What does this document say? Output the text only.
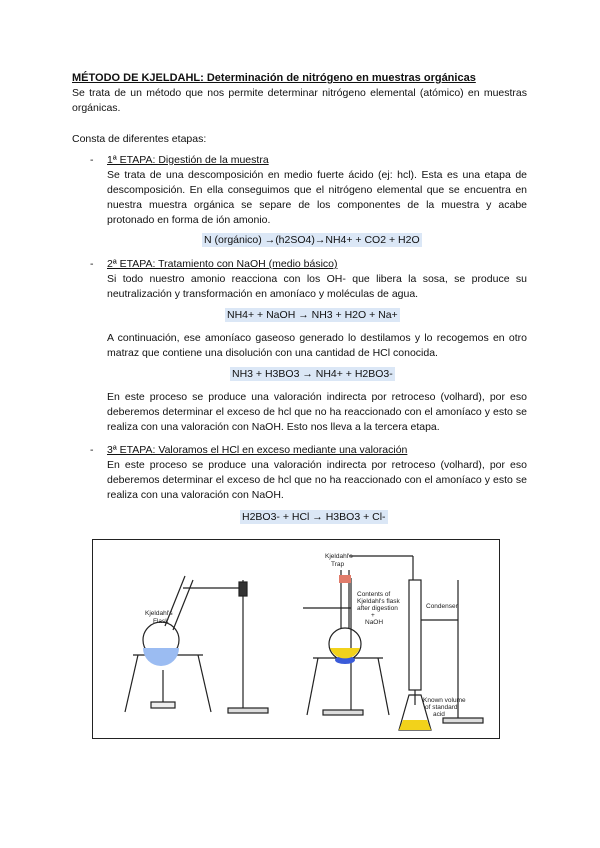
MÉTODO DE KJELDAHL: Determinación de nitrógeno en muestras orgánicas
Se trata de un método que nos permite determinar nitrógeno elemental (atómico) en muestras orgánicas.
Consta de diferentes etapas:
- 1ª ETAPA: Digestión de la muestra
Se trata de una descomposición en medio fuerte ácido (ej: hcl). Esta es una etapa de descomposición. En ella conseguimos que el nitrógeno elemental que se encuentra en nuestra muestra orgánica se separe de los componentes de la muestra y acabe protonado en forma de ión amonio.
N (orgánico) →(h2SO4)→NH4+ + CO2 + H2O
- 2ª ETAPA: Tratamiento con NaOH (medio básico)
Si todo nuestro amonio reacciona con los OH- que libera la sosa, se produce su neutralización y transformación en amoníaco y moléculas de agua.
NH4+ + NaOH → NH3 + H2O + Na+
A continuación, ese amoníaco gaseoso generado lo destilamos y lo recogemos en otro matraz que contiene una disolución con una cantidad de HCl conocida.
NH3 + H3BO3 → NH4+ + H2BO3-
En este proceso se produce una valoración indirecta por retroceso (volhard), por eso deberemos determinar el exceso de hcl que no ha reaccionado con el amoníaco y esto se realiza con una valoración con NaOH. Esto nos lleva a la tercera etapa.
- 3ª ETAPA: Valoramos el HCl en exceso mediante una valoración
En este proceso se produce una valoración indirecta por retroceso (volhard), por eso deberemos determinar el exceso de hcl que no ha reaccionado con el amoníaco y esto se realiza con una valoración con NaOH.
H2BO3- + HCl → H3BO3 + Cl-
Kjeldahl's
Flask
Kjeldahl's
Trap
Contents of
Kjeldahl's flask
after digestion
+
NaOH
Condenser
Known volume
of standard
acid
